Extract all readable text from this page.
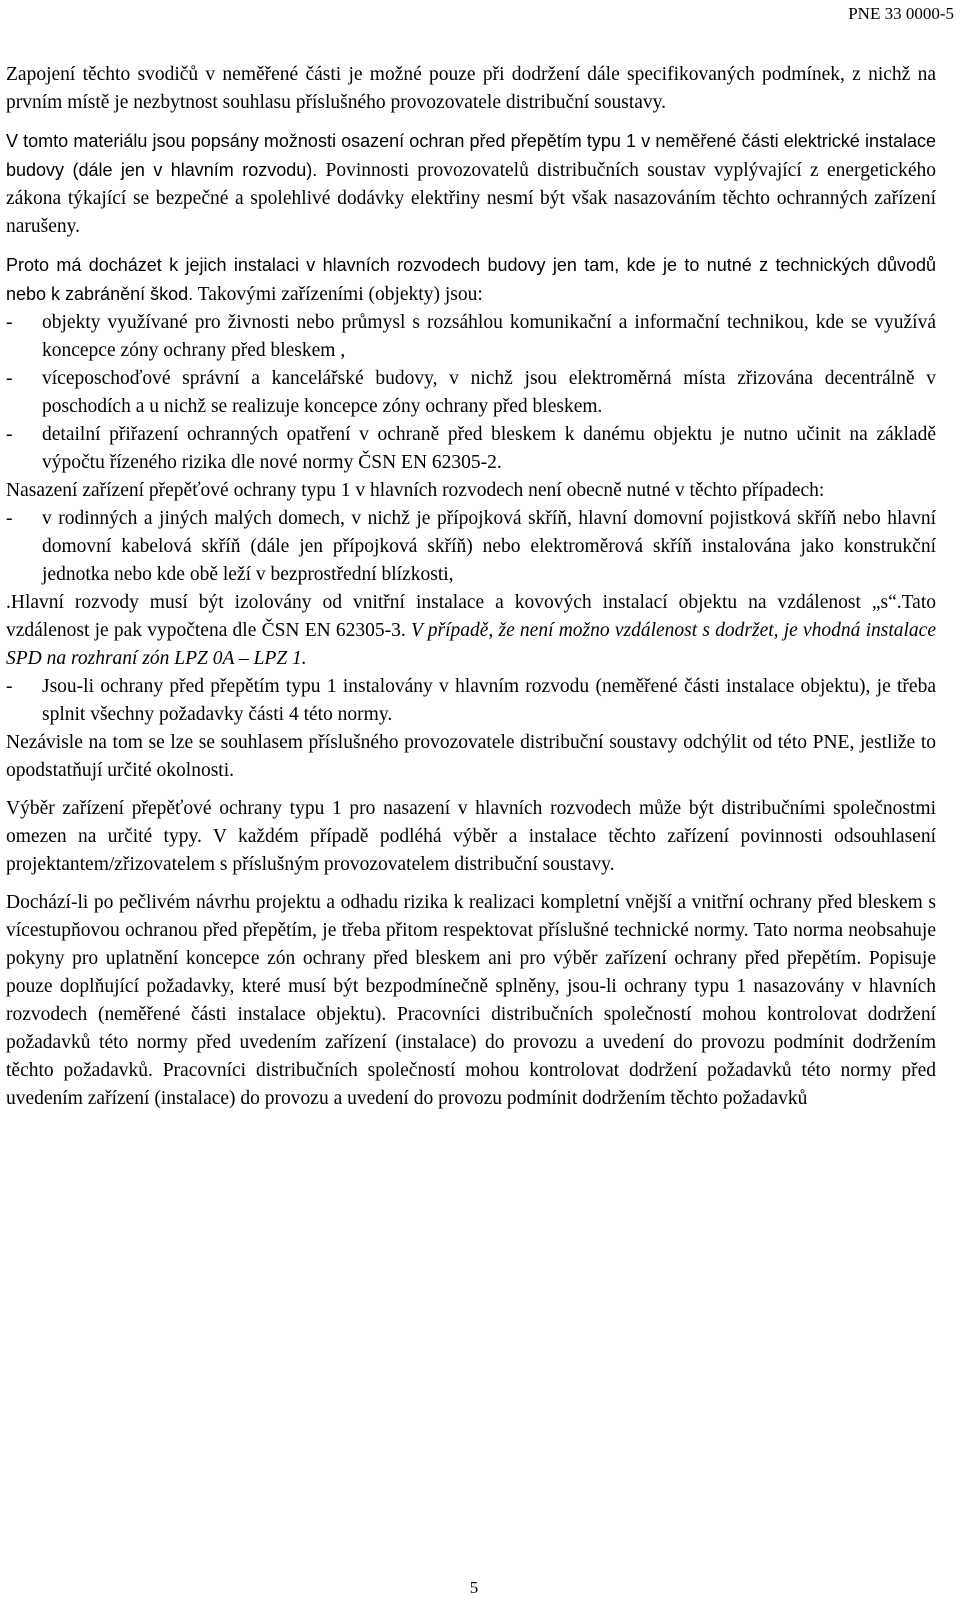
PNE 33 0000-5

Zapojení těchto svodičů v neměřené části je možné pouze při dodržení dále specifikovaných podmínek, z nichž na prvním místě je nezbytnost souhlasu příslušného provozovatele distribuční soustavy.

V tomto materiálu jsou popsány možnosti osazení ochran před přepětím typu 1 v neměřené části elektrické instalace budovy (dále jen v hlavním rozvodu). Povinnosti provozovatelů distribučních soustav vyplývající z energetického zákona týkající se bezpečné a spolehlivé dodávky elektřiny nesmí být však nasazováním těchto ochranných zařízení narušeny.

Proto má docházet k jejich instalaci v hlavních rozvodech budovy jen tam, kde je to nutné z technických důvodů nebo k zabránění škod. Takovými zařízeními (objekty) jsou:

- objekty využívané pro živnosti nebo průmysl s rozsáhlou komunikační a informační technikou, kde se využívá koncepce zóny ochrany před bleskem ,
- víceposchoďové správní a kancelářské budovy, v nichž jsou elektroměrná místa zřizována decentrálně v poschodích a u nichž se realizuje koncepce zóny ochrany před bleskem.
- detailní přiřazení ochranných opatření v ochraně před bleskem k danému objektu je nutno učinit na základě výpočtu řízeného rizika dle nové normy ČSN EN 62305-2.

Nasazení zařízení přepěťové ochrany typu 1 v hlavních rozvodech není obecně nutné v těchto případech:

- v rodinných a jiných malých domech, v nichž je přípojková skříň, hlavní domovní pojistková skříň nebo hlavní domovní kabelová skříň (dále jen přípojková skříň) nebo elektroměrová skříň instalována jako konstrukční jednotka nebo kde obě leží v bezprostřední blízkosti,

.Hlavní rozvody musí být izolovány od vnitřní instalace a kovových instalací objektu na vzdálenost „s“.Tato vzdálenost je pak vypočtena dle ČSN EN 62305-3. V případě, že není možno vzdálenost s dodržet, je vhodná instalace SPD na rozhraní zón LPZ 0A – LPZ 1.

- Jsou-li ochrany před přepětím typu 1 instalovány v hlavním rozvodu (neměřené části instalace objektu), je třeba splnit všechny požadavky části 4 této normy.

Nezávisle na tom se lze se souhlasem příslušného provozovatele distribuční soustavy odchýlit od této PNE, jestliže to opodstatňují určité okolnosti.

Výběr zařízení přepěťové ochrany typu 1 pro nasazení v hlavních rozvodech může být distribučními společnostmi omezen na určité typy. V každém případě podléhá výběr a instalace těchto zařízení povinnosti odsouhlasení projektantem/zřizovatelem s příslušným provozovatelem distribuční soustavy.

Dochází-li po pečlivém návrhu projektu a odhadu rizika k realizaci kompletní vnější a vnitřní ochrany před bleskem s vícestupňovou ochranou před přepětím, je třeba přitom respektovat příslušné technické normy. Tato norma neobsahuje pokyny pro uplatnění koncepce zón ochrany před bleskem ani pro výběr zařízení ochrany před přepětím. Popisuje pouze doplňující požadavky, které musí být bezpodmínečně splněny, jsou-li ochrany typu 1 nasazovány v hlavních rozvodech (neměřené části instalace objektu). Pracovníci distribučních společností mohou kontrolovat dodržení požadavků této normy před uvedením zařízení (instalace) do provozu a uvedení do provozu podmínit dodržením těchto požadavků. Pracovníci distribučních společností mohou kontrolovat dodržení požadavků této normy před uvedením zařízení (instalace) do provozu a uvedení do provozu podmínit dodržením těchto požadavků

5
